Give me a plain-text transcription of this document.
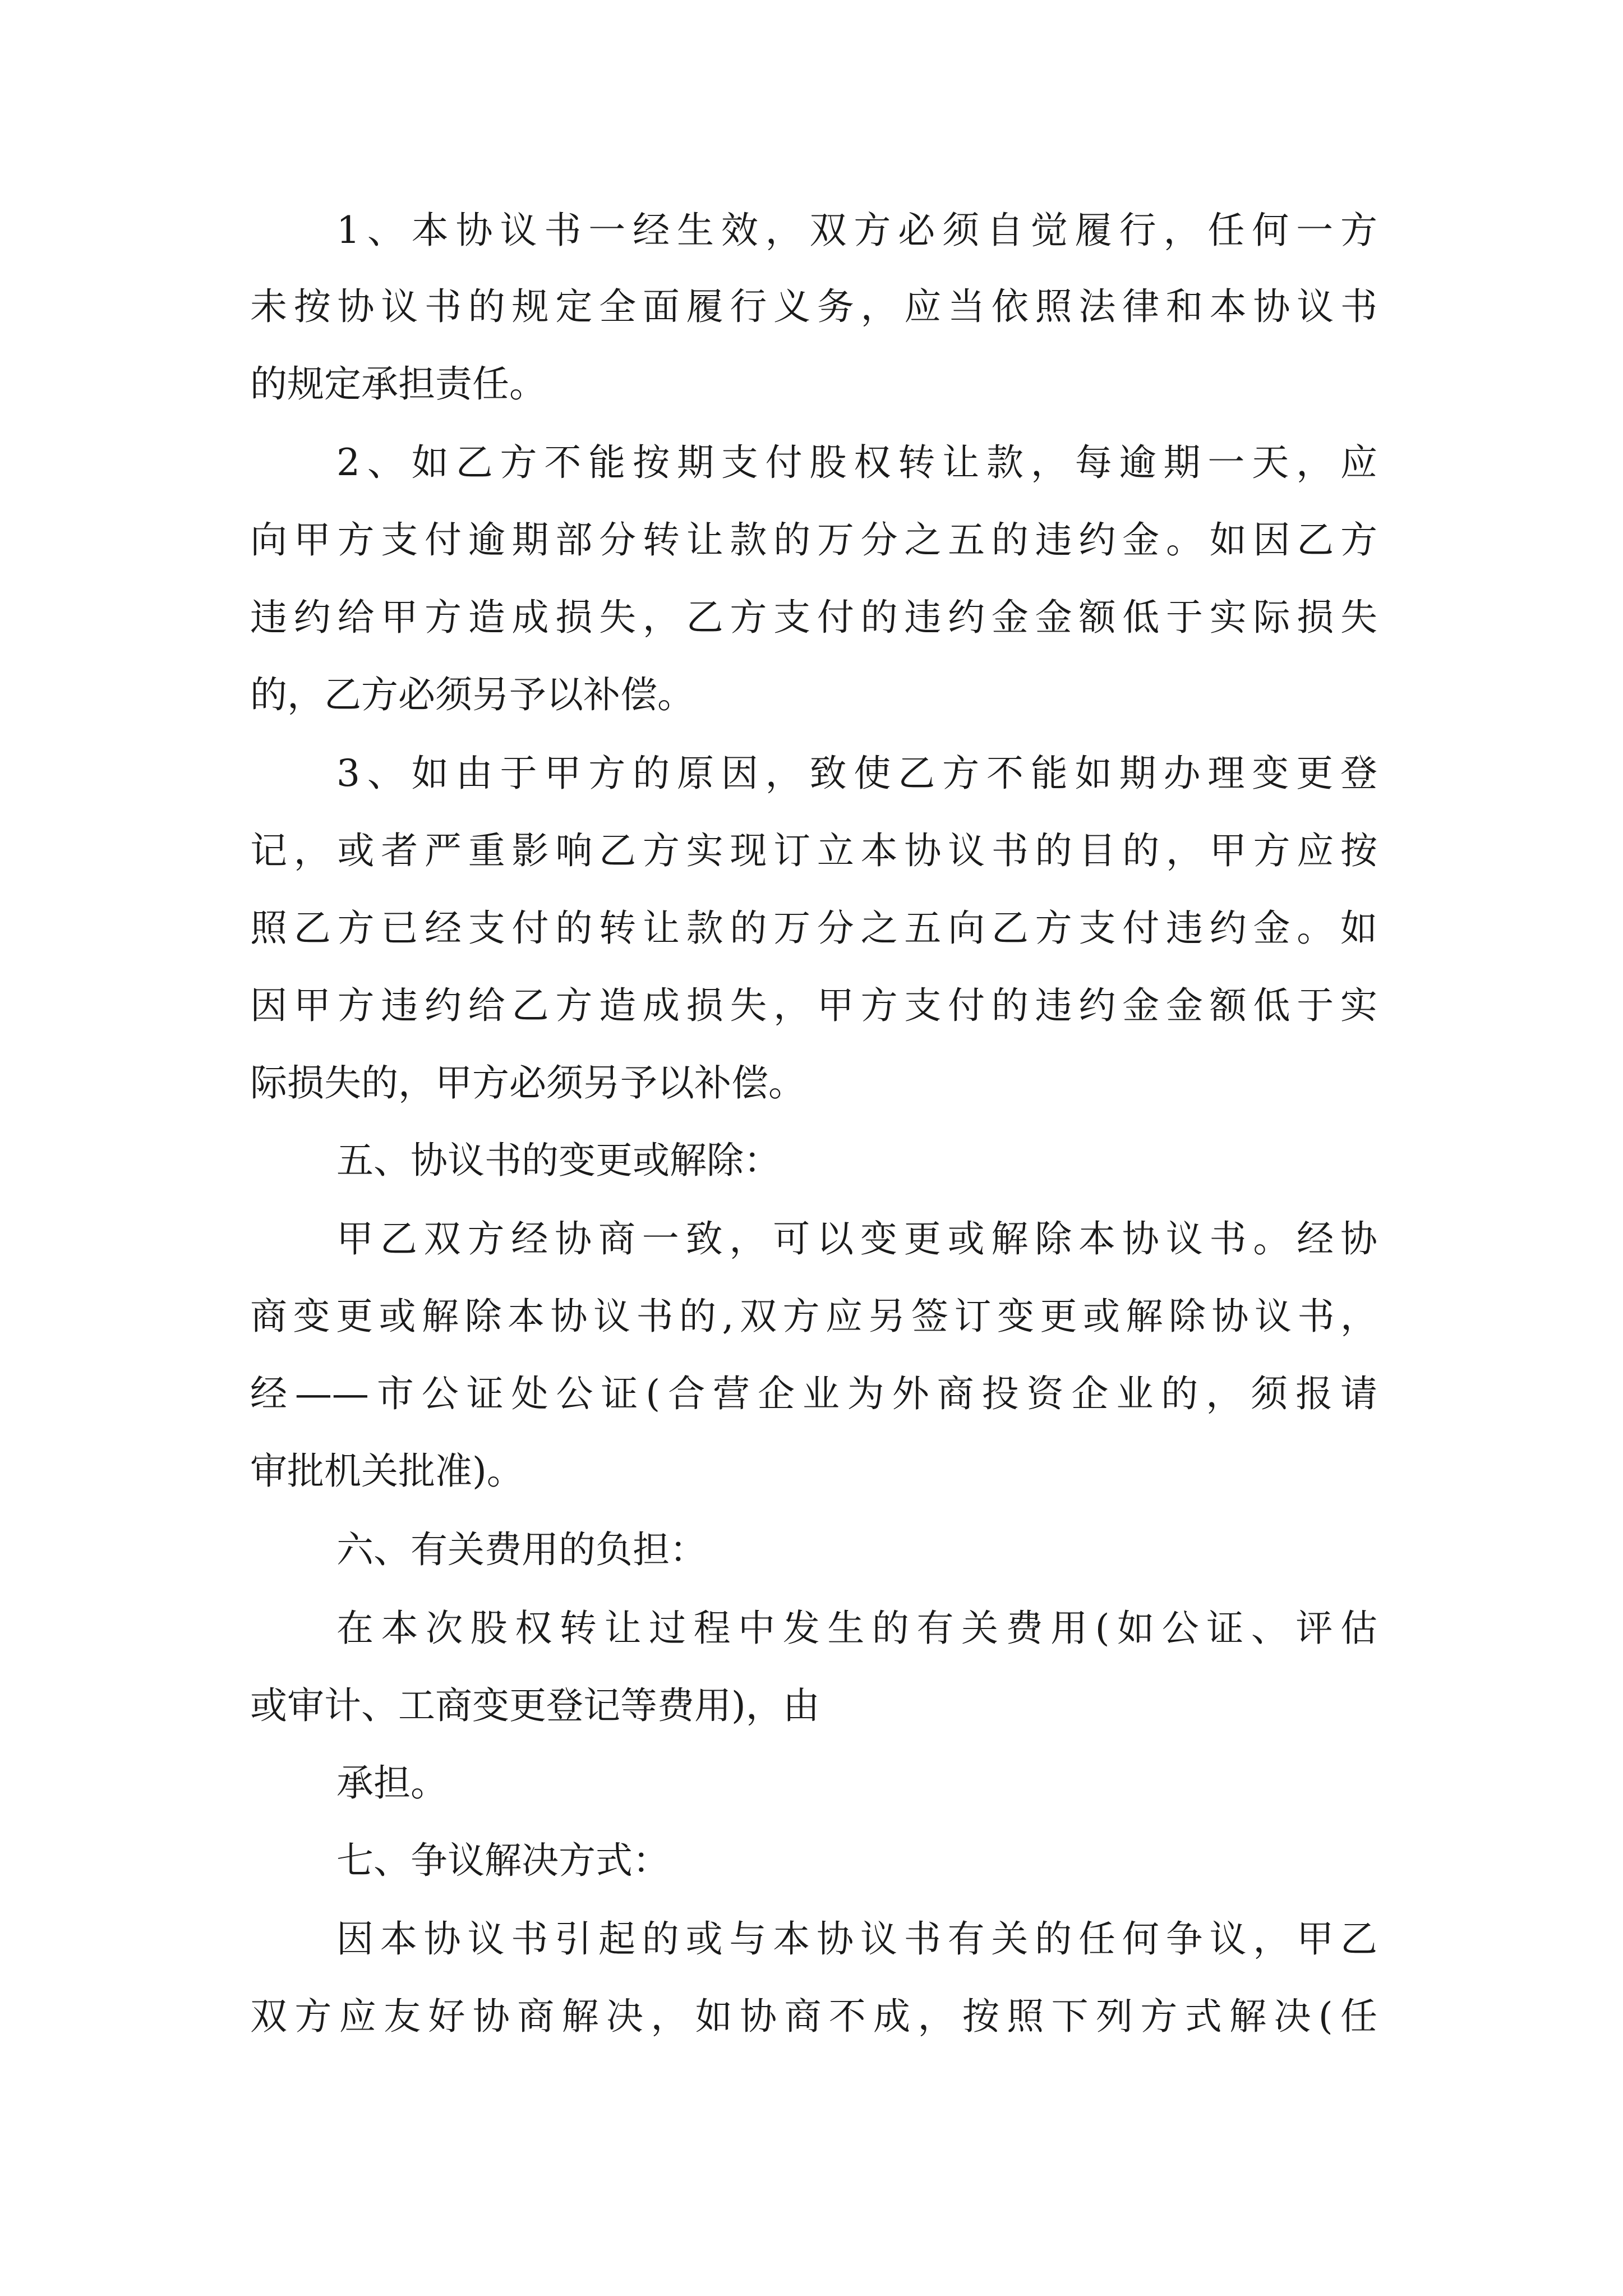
1、本协议书一经生效，双方必须自觉履行，任何一方

未按协议书的规定全面履行义务，应当依照法律和本协议书

的规定承担责任。

2、如乙方不能按期支付股权转让款，每逾期一天，应

向甲方支付逾期部分转让款的万分之五的违约金。如因乙方

违约给甲方造成损失，乙方支付的违约金金额低于实际损失

的，乙方必须另予以补偿。

3、如由于甲方的原因，致使乙方不能如期办理变更登

记，或者严重影响乙方实现订立本协议书的目的，甲方应按

照乙方已经支付的转让款的万分之五向乙方支付违约金。如

因甲方违约给乙方造成损失，甲方支付的违约金金额低于实

际损失的，甲方必须另予以补偿。

五、协议书的变更或解除：

甲乙双方经协商一致，可以变更或解除本协议书。经协

商变更或解除本协议书的,双方应另签订变更或解除协议书，

经——市公证处公证(合营企业为外商投资企业的，须报请

审批机关批准)。

六、有关费用的负担：

在本次股权转让过程中发生的有关费用(如公证、评估

或审计、工商变更登记等费用)，由

承担。

七、争议解决方式：

因本协议书引起的或与本协议书有关的任何争议，甲乙

双方应友好协商解决，如协商不成，按照下列方式解决(任
